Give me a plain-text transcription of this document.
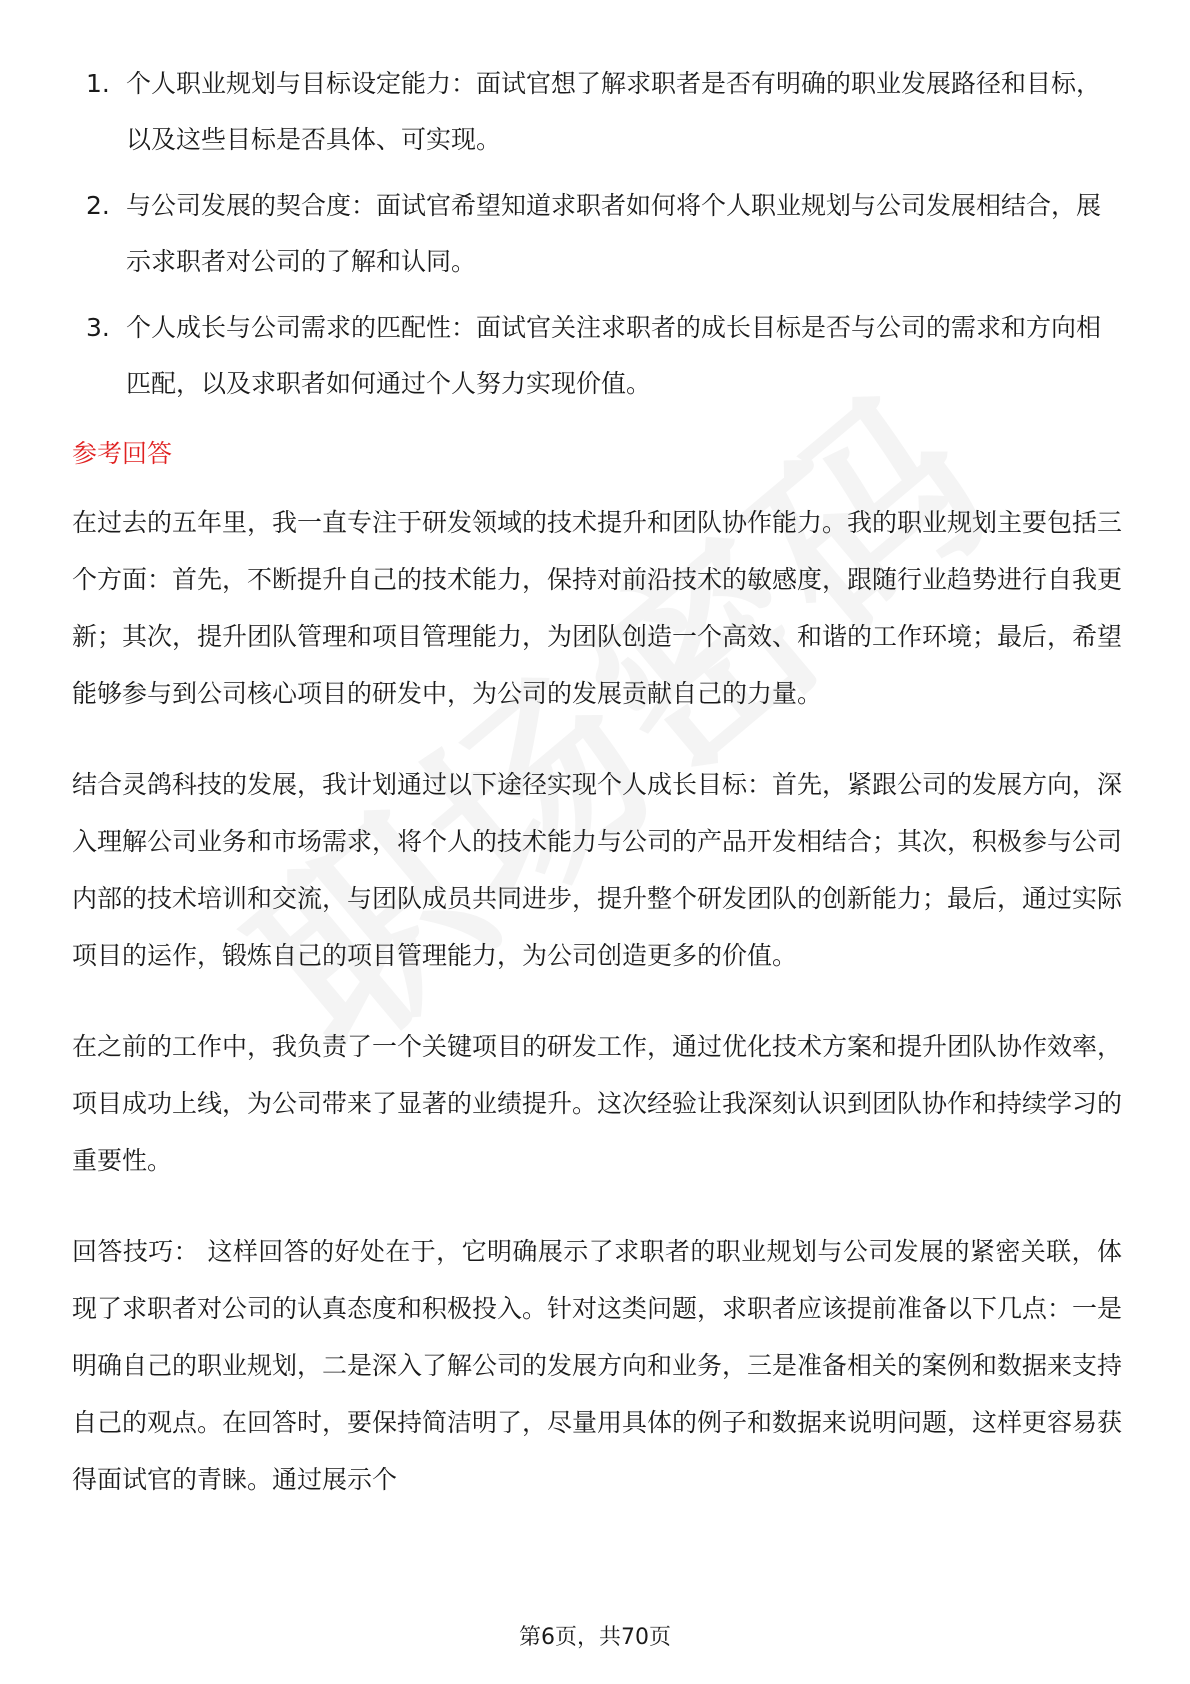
1. 个人职业规划与目标设定能力：面试官想了解求职者是否有明确的职业发展路径和目标，以及这些目标是否具体、可实现。
2. 与公司发展的契合度：面试官希望知道求职者如何将个人职业规划与公司发展相结合，展示求职者对公司的了解和认同。
3. 个人成长与公司需求的匹配性：面试官关注求职者的成长目标是否与公司的需求和方向相匹配，以及求职者如何通过个人努力实现价值。
参考回答

在过去的五年里，我一直专注于研发领域的技术提升和团队协作能力。我的职业规划主要包括三个方面：首先，不断提升自己的技术能力，保持对前沿技术的敏感度，跟随行业趋势进行自我更新；其次，提升团队管理和项目管理能力，为团队创造一个高效、和谐的工作环境；最后，希望能够参与到公司核心项目的研发中，为公司的发展贡献自己的力量。

结合灵鸽科技的发展，我计划通过以下途径实现个人成长目标：首先，紧跟公司的发展方向，深入理解公司业务和市场需求，将个人的技术能力与公司的产品开发相结合；其次，积极参与公司内部的技术培训和交流，与团队成员共同进步，提升整个研发团队的创新能力；最后，通过实际项目的运作，锻炼自己的项目管理能力，为公司创造更多的价值。

在之前的工作中，我负责了一个关键项目的研发工作，通过优化技术方案和提升团队协作效率，项目成功上线，为公司带来了显著的业绩提升。这次经验让我深刻认识到团队协作和持续学习的重要性。

回答技巧： 这样回答的好处在于，它明确展示了求职者的职业规划与公司发展的紧密关联，体现了求职者对公司的认真态度和积极投入。针对这类问题，求职者应该提前准备以下几点：一是明确自己的职业规划，二是深入了解公司的发展方向和业务，三是准备相关的案例和数据来支持自己的观点。在回答时，要保持简洁明了，尽量用具体的例子和数据来说明问题，这样更容易获得面试官的青睐。通过展示个

第6页，共70页
